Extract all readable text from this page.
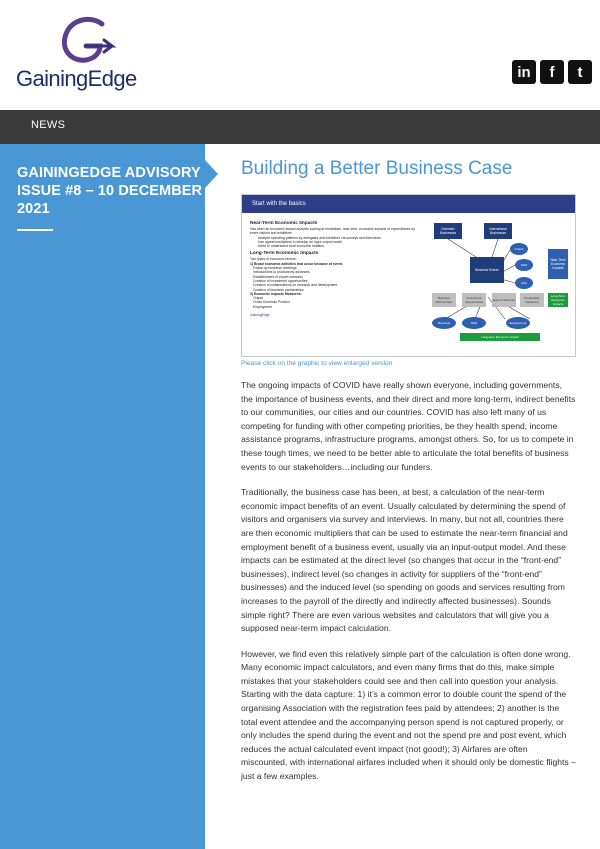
GainingEdge	in	f	t
NEWS
GAININGEDGE ADVISORY
ISSUE #8 – 10 DECEMBER
2021
Building a Better Business Case
Start with the basics
Near-Term Economic Impacts
Has been an economic impact analysis looking at immediate, near term, economic impacts of expenditures by event visitors and exhibitors
Analyse spending patterns by delegates and exhibitors via surveys and interviews
Use agreed multipliers to develop an input output model
Need to understand local economic realities
Long-Term Economic Impacts
Two types of economic factors:
1) Broad economic activities that occur because of event:
Follow up business meetings
Introductions to productivity advances
Establishment of export networks
Creation of investment opportunities
Creation of collaborations on research and development
Creation of business partnerships
2) Economic Impacts Measures:
Output
Gross Domestic Product
Employment
GainingEdge
Domestic Businesses
International Businesses
Business Events
Output
GDP
Jobs
Near-Term Economic Impacts
Long-Term Economic Impacts
Business Partnerships
Investment Opportunities	Export Networks	Productivity Advances
Meetings	R&D	Employment
Long-term Economic Impact
Please click on the graphic to view enlarged version

The ongoing impacts of COVID have really shown everyone, including governments, the importance of business events, and their direct and more long-term, indirect benefits to our communities, our cities and our countries. COVID has also left many of us competing for funding with other competing priorities, be they health spend, income assistance programs, infrastructure programs, amongst others. So, for us to compete in these tough times, we need to be better able to articulate the total benefits of business events to our stakeholders…including our funders.

Traditionally, the business case has been, at best, a calculation of the near-term economic impact benefits of an event. Usually calculated by determining the spend of visitors and organisers via survey and interviews. In many, but not all, countries there are then economic multipliers that can be used to estimate the near-term financial and employment benefit of a business event, usually via an input-output model. And these impacts can be estimated at the direct level (so changes that occur in the “front-end” businesses), indirect level (so changes in activity for suppliers of the “front-end” businesses) and the induced level (so spending on goods and services resulting from increases to the payroll of the directly and indirectly affected businesses). Sounds simple right? There are even various websites and calculators that will give you a supposed near-term impact calculation.

However, we find even this relatively simple part of the calculation is often done wrong. Many economic impact calculators, and even many firms that do this, make simple mistakes that your stakeholders could see and then call into question your analysis. Starting with the data capture: 1) it’s a common error to double count the spend of the organising Association with the registration fees paid by attendees; 2) another is the total event attendee and the accompanying person spend is not captured properly, or only includes the spend during the event and not the spend pre and post event, which reduces the actual calculated event impact (not good!); 3) Airfares are often miscounted, with international airfares included when it should only be domestic flights – just a few examples.
